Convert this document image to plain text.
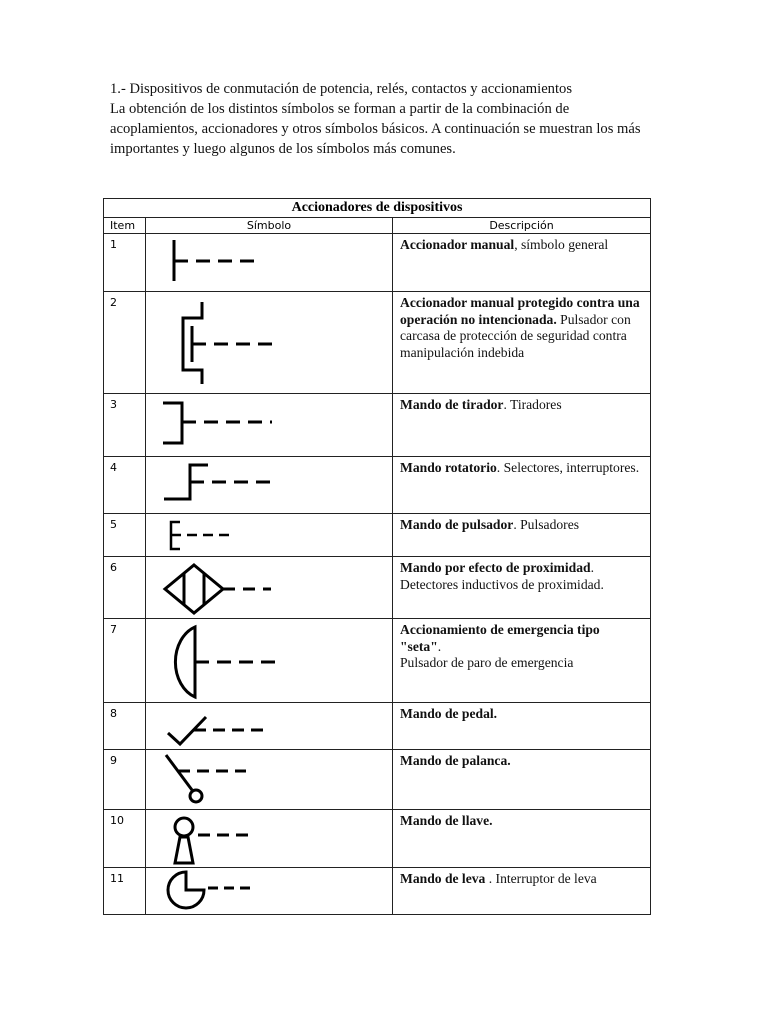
1.- Dispositivos de conmutación de potencia, relés, contactos y accionamientos

La obtención de los distintos símbolos se forman a partir de la combinación de acoplamientos, accionadores y otros símbolos básicos. A continuación se muestran los más importantes y luego algunos de los símbolos más comunes.

Accionadores de dispositivos		
Item	Símbolo	Descripción
1		Accionador manual, símbolo general
2		Accionador manual protegido contra una operación no intencionada. Pulsador con carcasa de protección de seguridad contra manipulación indebida
3		Mando de tirador. Tiradores
4		Mando rotatorio. Selectores, interruptores.
5		Mando de pulsador. Pulsadores
6		Mando por efecto de proximidad. Detectores inductivos de proximidad.
7		Accionamiento de emergencia tipo "seta".
Pulsador de paro de emergencia
8		Mando de pedal.
9		Mando de palanca.
10		Mando de llave.
11		Mando de leva . Interruptor de leva
